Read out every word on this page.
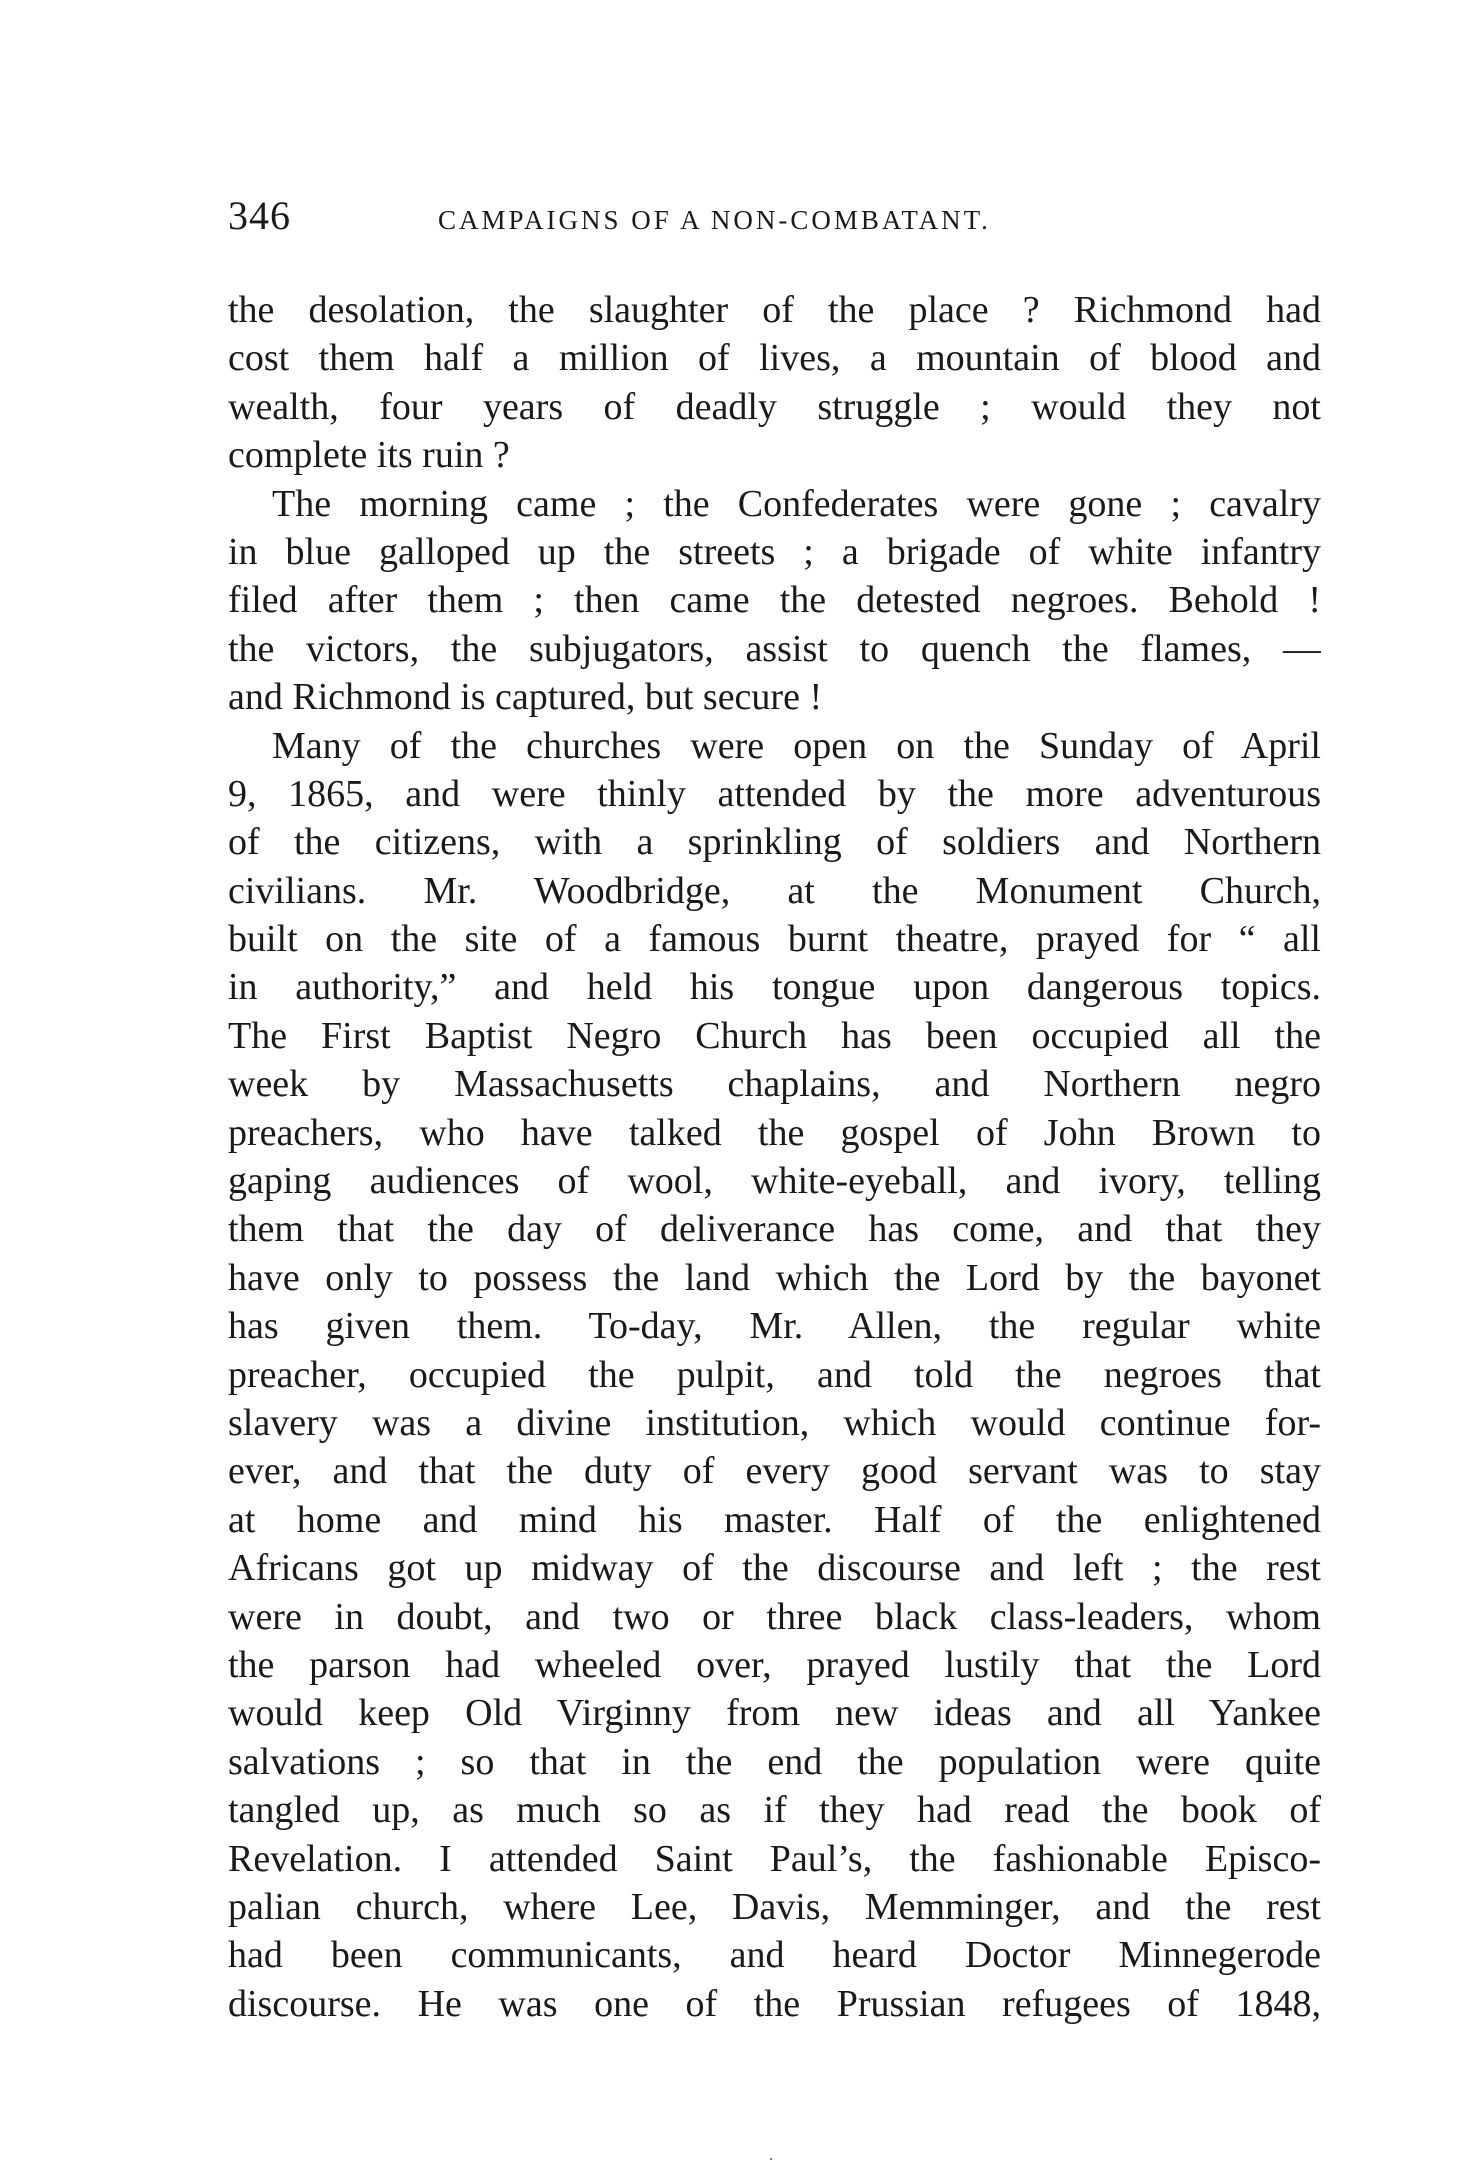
346	CAMPAIGNS OF A NON-COMBATANT.
the desolation, the slaughter of the place ? Richmond had
cost them half a million of lives, a mountain of blood and
wealth, four years of deadly struggle ; would they not
complete its ruin ?
The morning came ; the Confederates were gone ; cavalry
in blue galloped up the streets ; a brigade of white infantry
filed after them ; then came the detested negroes. Behold !
the victors, the subjugators, assist to quench the flames, —
and Richmond is captured, but secure !
Many of the churches were open on the Sunday of April
9, 1865, and were thinly attended by the more adventurous
of the citizens, with a sprinkling of soldiers and Northern
civilians. Mr. Woodbridge, at the Monument Church,
built on the site of a famous burnt theatre, prayed for “ all
in authority,” and held his tongue upon dangerous topics.
The First Baptist Negro Church has been occupied all the
week by Massachusetts chaplains, and Northern negro
preachers, who have talked the gospel of John Brown to
gaping audiences of wool, white-eyeball, and ivory, telling
them that the day of deliverance has come, and that they
have only to possess the land which the Lord by the bayonet
has given them. To-day, Mr. Allen, the regular white
preacher, occupied the pulpit, and told the negroes that
slavery was a divine institution, which would continue for-
ever, and that the duty of every good servant was to stay
at home and mind his master. Half of the enlightened
Africans got up midway of the discourse and left ; the rest
were in doubt, and two or three black class-leaders, whom
the parson had wheeled over, prayed lustily that the Lord
would keep Old Virginny from new ideas and all Yankee
salvations ; so that in the end the population were quite
tangled up, as much so as if they had read the book of
Revelation. I attended Saint Paul’s, the fashionable Episco-
palian church, where Lee, Davis, Memminger, and the rest
had been communicants, and heard Doctor Minnegerode
discourse. He was one of the Prussian refugees of 1848,
